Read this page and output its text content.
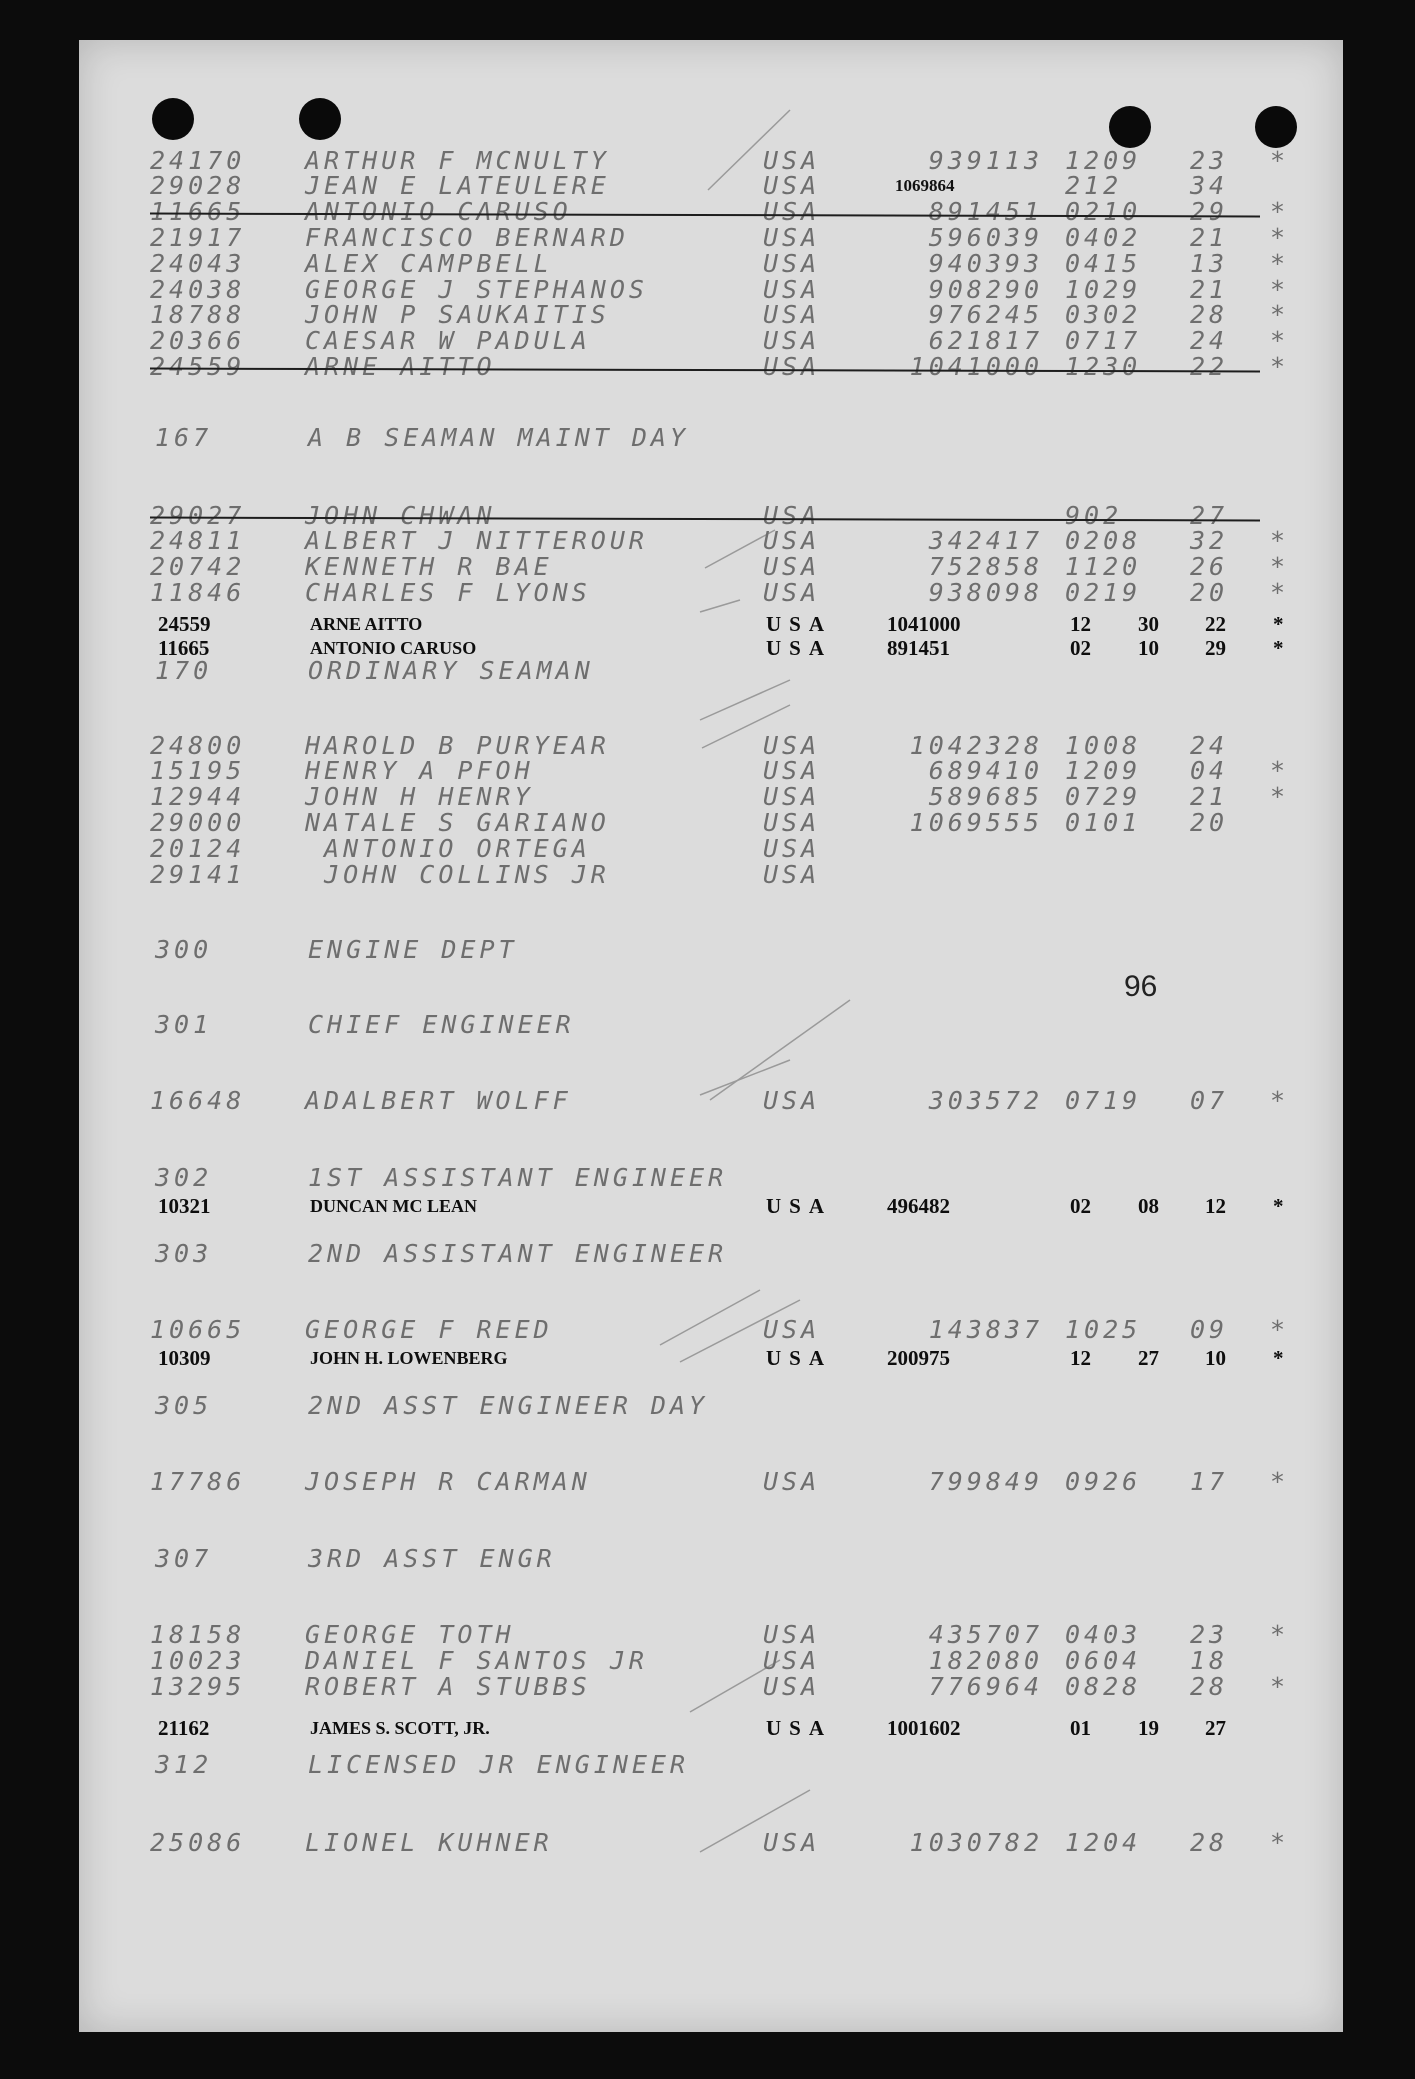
24170 ARTHUR F MCNULTY	USA	939113 1209 23 *
29028 JEAN E LATEULERE	USA	212	34
11665 ANTONIO CARUSO	USA	891451 0210 29 *
21917 FRANCISCO BERNARD	USA	596039 0402 21 *
24043 ALEX CAMPBELL	USA	940393 0415 13 *
24038 GEORGE J STEPHANOS	USA	908290 1029 21 *
18788 JOHN P SAUKAITIS	USA	976245 0302 28 *
20366 CAESAR W PADULA	USA	621817 0717 24 *
24559 ARNE AITTO	USA	1041000 1230 22 *
167	A B SEAMAN MAINT DAY
29027 JOHN CHWAN	USA	902	27
24811 ALBERT J NITTEROUR	USA	342417 0208 32 *
20742 KENNETH R BAE	USA	752858 1120 26 *
11846 CHARLES F LYONS	USA	938098 0219 20 *
24559	ARNE AITTO	USA	1041000	12 30 22 *
11665	ANTONIO CARUSO	USA	891451	02 10 29 *
170	ORDINARY SEAMAN
24800 HAROLD B PURYEAR	USA	1042328 1008 24
15195 HENRY A PFOH	USA	689410 1209 04 *
12944 JOHN H HENRY	USA	589685 0729 21 *
29000 NATALE S GARIANO	USA	1069555 0101 20
20124 ANTONIO ORTEGA	USA
29141 JOHN COLLINS JR	USA
300	ENGINE DEPT
301	CHIEF ENGINEER
16648 ADALBERT WOLFF	USA	303572 0719 07 *
302	1ST ASSISTANT ENGINEER
10321	DUNCAN MC LEAN	USA	496482	02 08 12 *
303	2ND ASSISTANT ENGINEER
10665 GEORGE F REED	USA	143837 1025 09 *
10309	JOHN H. LOWENBERG	USA	200975	12 27 10 *
305	2ND ASST ENGINEER DAY
17786 JOSEPH R CARMAN	USA	799849 0926 17 *
307	3RD ASST ENGR
18158 GEORGE TOTH	USA	435707 0403 23 *
10023 DANIEL F SANTOS JR	USA	182080 0604 18
13295 ROBERT A STUBBS	USA	776964 0828 28 *
21162	JAMES S. SCOTT, JR.	USA	1001602	01 19 27
312	LICENSED JR ENGINEER
25086 LIONEL KUHNER	USA	1030782 1204 28 *
1069864
96
